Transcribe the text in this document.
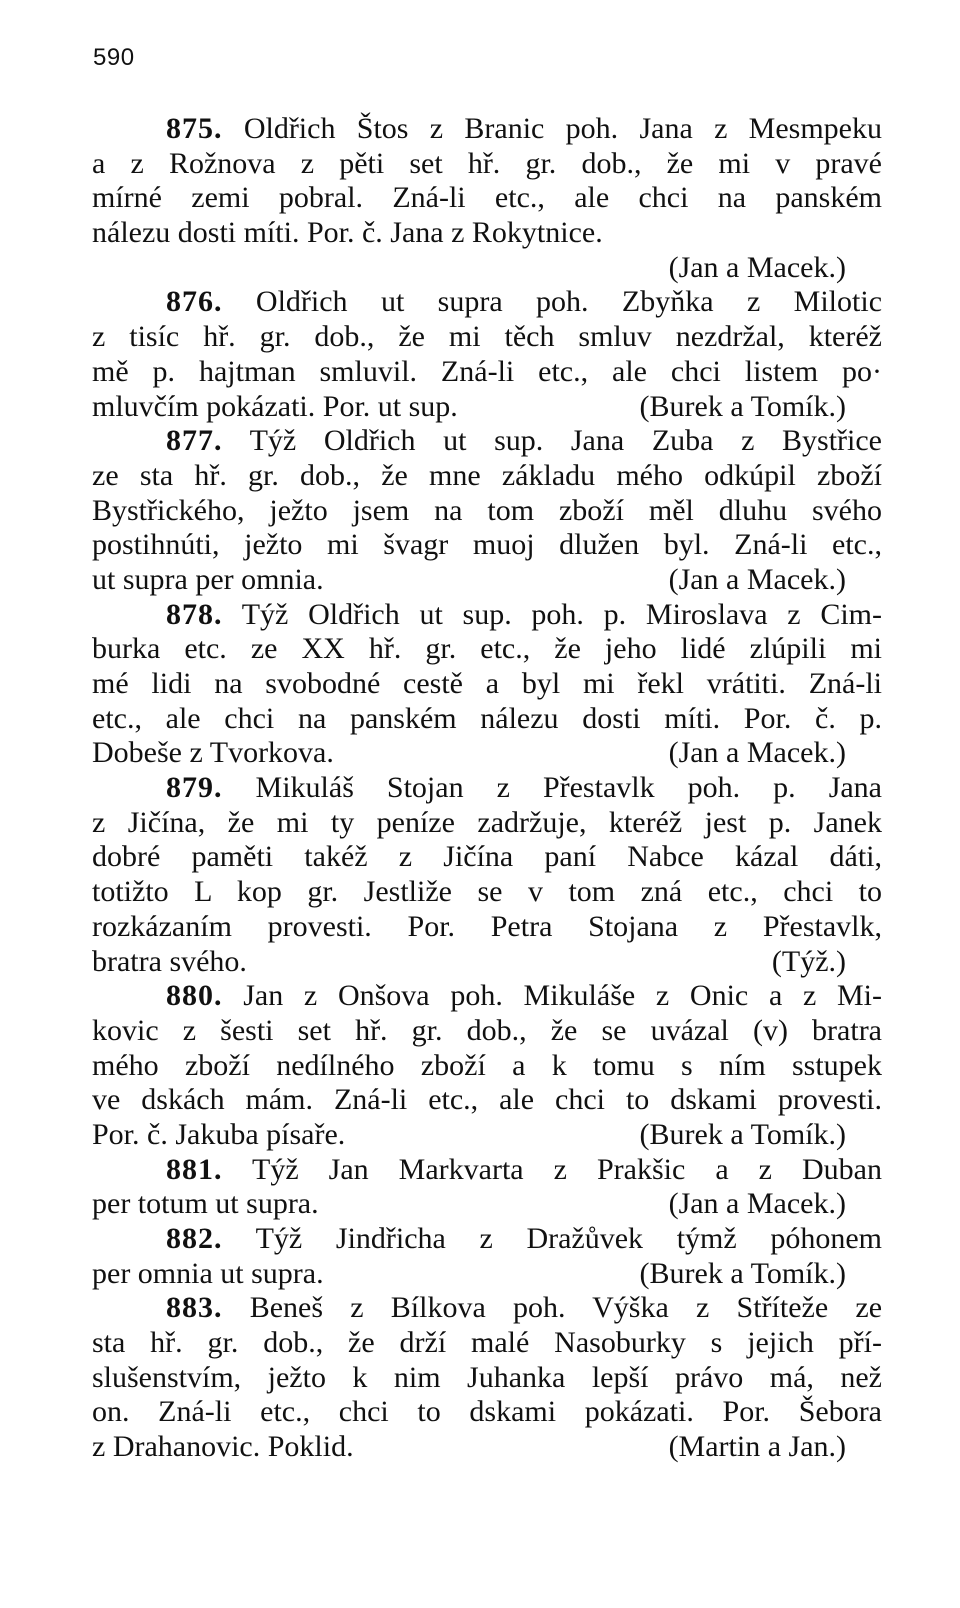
590
875. Oldřich Štos z Branic poh. Jana z Mesmpeku
a z Rožnova z pěti set hř. gr. dob., že mi v pravé
mírné zemi pobral. Zná-li etc., ale chci na panském
nálezu dosti míti. Por. č. Jana z Rokytnice.
(Jan a Macek.)
876. Oldřich ut supra poh. Zbyňka z Milotic
z tisíc hř. gr. dob., že mi těch smluv nezdržal, kteréž
mě p. hajtman smluvil. Zná-li etc., ale chci listem po·
mluvčím pokázati. Por. ut sup.	(Burek a Tomík.)
877. Týž Oldřich ut sup. Jana Zuba z Bystřice
ze sta hř. gr. dob., že mne základu mého odkúpil zboží
Bystřického, ježto jsem na tom zboží měl dluhu svého
postihnúti, ježto mi švagr muoj dlužen byl. Zná-li etc.,
ut supra per omnia.	(Jan a Macek.)
878. Týž Oldřich ut sup. poh. p. Miroslava z Cim-
burka etc. ze XX hř. gr. etc., že jeho lidé zlúpili mi
mé lidi na svobodné cestě a byl mi řekl vrátiti. Zná-li
etc., ale chci na panském nálezu dosti míti. Por. č. p.
Dobeše z Tvorkova.	(Jan a Macek.)
879. Mikuláš Stojan z Přestavlk poh. p. Jana
z Jičína, že mi ty peníze zadržuje, kteréž jest p. Janek
dobré paměti takéž z Jičína paní Nabce kázal dáti,
totižto L kop gr. Jestliže se v tom zná etc., chci to
rozkázaním provesti. Por. Petra Stojana z Přestavlk,
bratra svého.	(Týž.)
880. Jan z Onšova poh. Mikuláše z Onic a z Mi-
kovic z šesti set hř. gr. dob., že se uvázal (v) bratra
mého zboží nedílného zboží a k tomu s ním sstupek
ve dskách mám. Zná-li etc., ale chci to dskami provesti.
Por. č. Jakuba písaře.	(Burek a Tomík.)
881. Týž Jan Markvarta z Prakšic a z Duban
per totum ut supra.	(Jan a Macek.)
882. Týž Jindřicha z Dražůvek týmž póhonem
per omnia ut supra.	(Burek a Tomík.)
883. Beneš z Bílkova poh. Výška z Stříteže ze
sta hř. gr. dob., že drží malé Nasoburky s jejich pří-
slušenstvím, ježto k nim Juhanka lepší právo má, než
on. Zná-li etc., chci to dskami pokázati. Por. Šebora
z Drahanovic. Poklid.	(Martin a Jan.)
